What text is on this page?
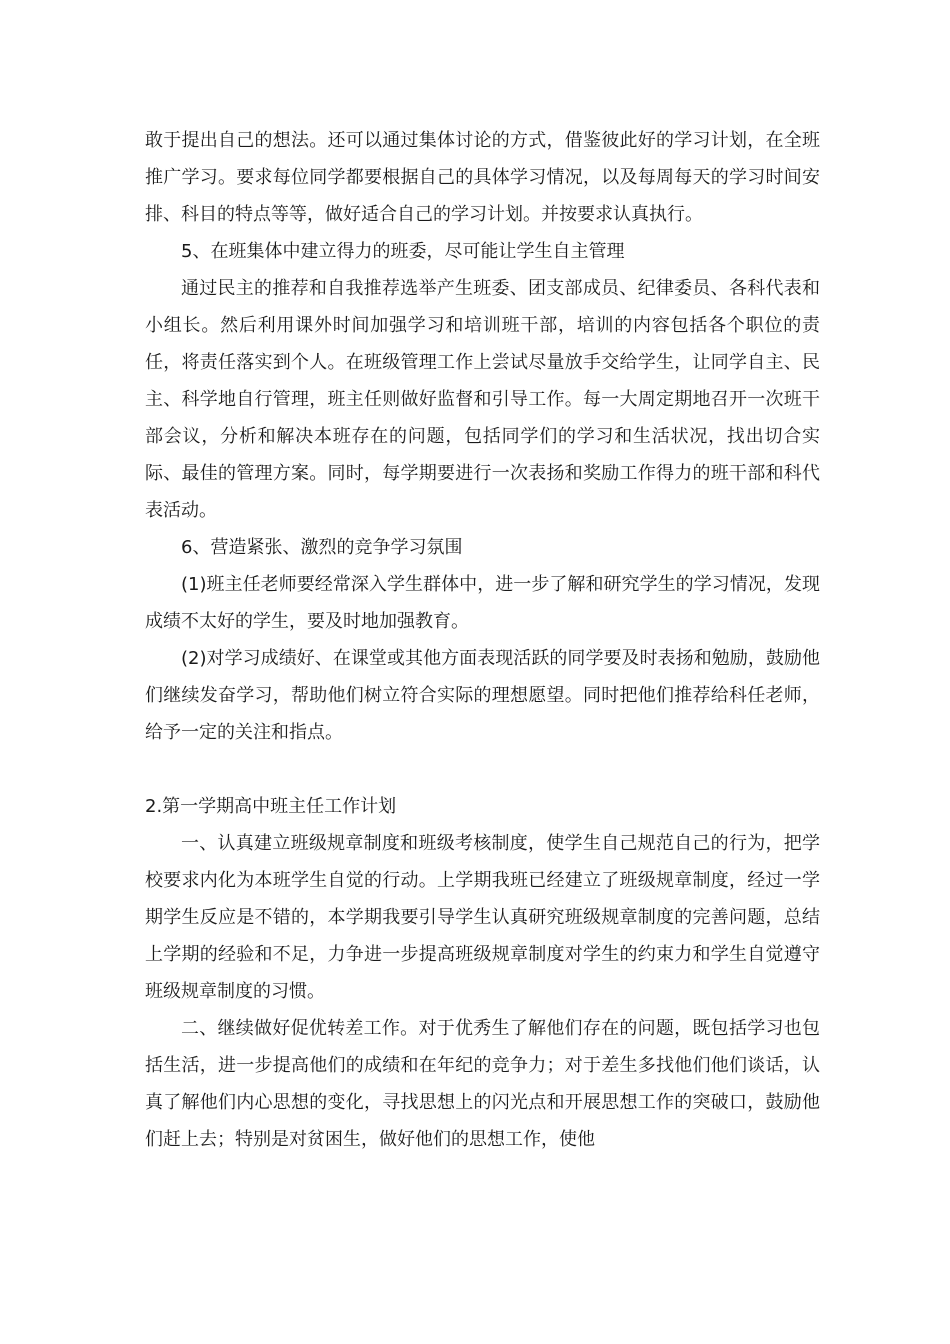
敢于提出自己的想法。还可以通过集体讨论的方式，借鉴彼此好的学习计划，在全班推广学习。要求每位同学都要根据自己的具体学习情况，以及每周每天的学习时间安排、科目的特点等等，做好适合自己的学习计划。并按要求认真执行。

5、在班集体中建立得力的班委，尽可能让学生自主管理

通过民主的推荐和自我推荐选举产生班委、团支部成员、纪律委员、各科代表和小组长。然后利用课外时间加强学习和培训班干部，培训的内容包括各个职位的责任，将责任落实到个人。在班级管理工作上尝试尽量放手交给学生，让同学自主、民主、科学地自行管理，班主任则做好监督和引导工作。每一大周定期地召开一次班干部会议，分析和解决本班存在的问题，包括同学们的学习和生活状况，找出切合实际、最佳的管理方案。同时，每学期要进行一次表扬和奖励工作得力的班干部和科代表活动。

6、营造紧张、激烈的竞争学习氛围

(1)班主任老师要经常深入学生群体中，进一步了解和研究学生的学习情况，发现成绩不太好的学生，要及时地加强教育。

(2)对学习成绩好、在课堂或其他方面表现活跃的同学要及时表扬和勉励，鼓励他们继续发奋学习，帮助他们树立符合实际的理想愿望。同时把他们推荐给科任老师，给予一定的关注和指点。

2.第一学期高中班主任工作计划

一、认真建立班级规章制度和班级考核制度，使学生自己规范自己的行为，把学校要求内化为本班学生自觉的行动。上学期我班已经建立了班级规章制度，经过一学期学生反应是不错的，本学期我要引导学生认真研究班级规章制度的完善问题，总结上学期的经验和不足，力争进一步提高班级规章制度对学生的约束力和学生自觉遵守班级规章制度的习惯。

二、继续做好促优转差工作。对于优秀生了解他们存在的问题，既包括学习也包括生活，进一步提高他们的成绩和在年纪的竞争力；对于差生多找他们他们谈话，认真了解他们内心思想的变化，寻找思想上的闪光点和开展思想工作的突破口，鼓励他们赶上去；特别是对贫困生，做好他们的思想工作，使他
